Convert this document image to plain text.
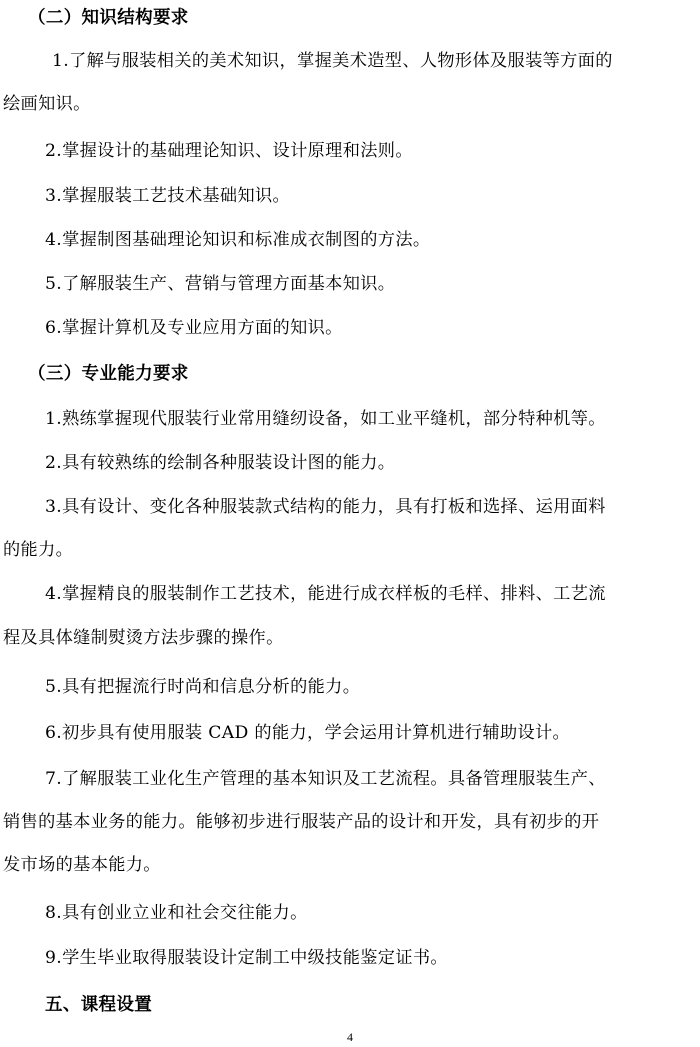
（二）知识结构要求
1.了解与服装相关的美术知识，掌握美术造型、人物形体及服装等方面的
绘画知识。
2.掌握设计的基础理论知识、设计原理和法则。
3.掌握服装工艺技术基础知识。
4.掌握制图基础理论知识和标准成衣制图的方法。
5.了解服装生产、营销与管理方面基本知识。
6.掌握计算机及专业应用方面的知识。
（三）专业能力要求
1.熟练掌握现代服装行业常用缝纫设备，如工业平缝机，部分特种机等。
2.具有较熟练的绘制各种服装设计图的能力。
3.具有设计、变化各种服装款式结构的能力，具有打板和选择、运用面料
的能力。
4.掌握精良的服装制作工艺技术，能进行成衣样板的毛样、排料、工艺流
程及具体缝制熨烫方法步骤的操作。
5.具有把握流行时尚和信息分析的能力。
6.初步具有使用服装 CAD 的能力，学会运用计算机进行辅助设计。
7.了解服装工业化生产管理的基本知识及工艺流程。具备管理服装生产、
销售的基本业务的能力。能够初步进行服装产品的设计和开发，具有初步的开
发市场的基本能力。
8.具有创业立业和社会交往能力。
9.学生毕业取得服装设计定制工中级技能鉴定证书。
五、课程设置
4
